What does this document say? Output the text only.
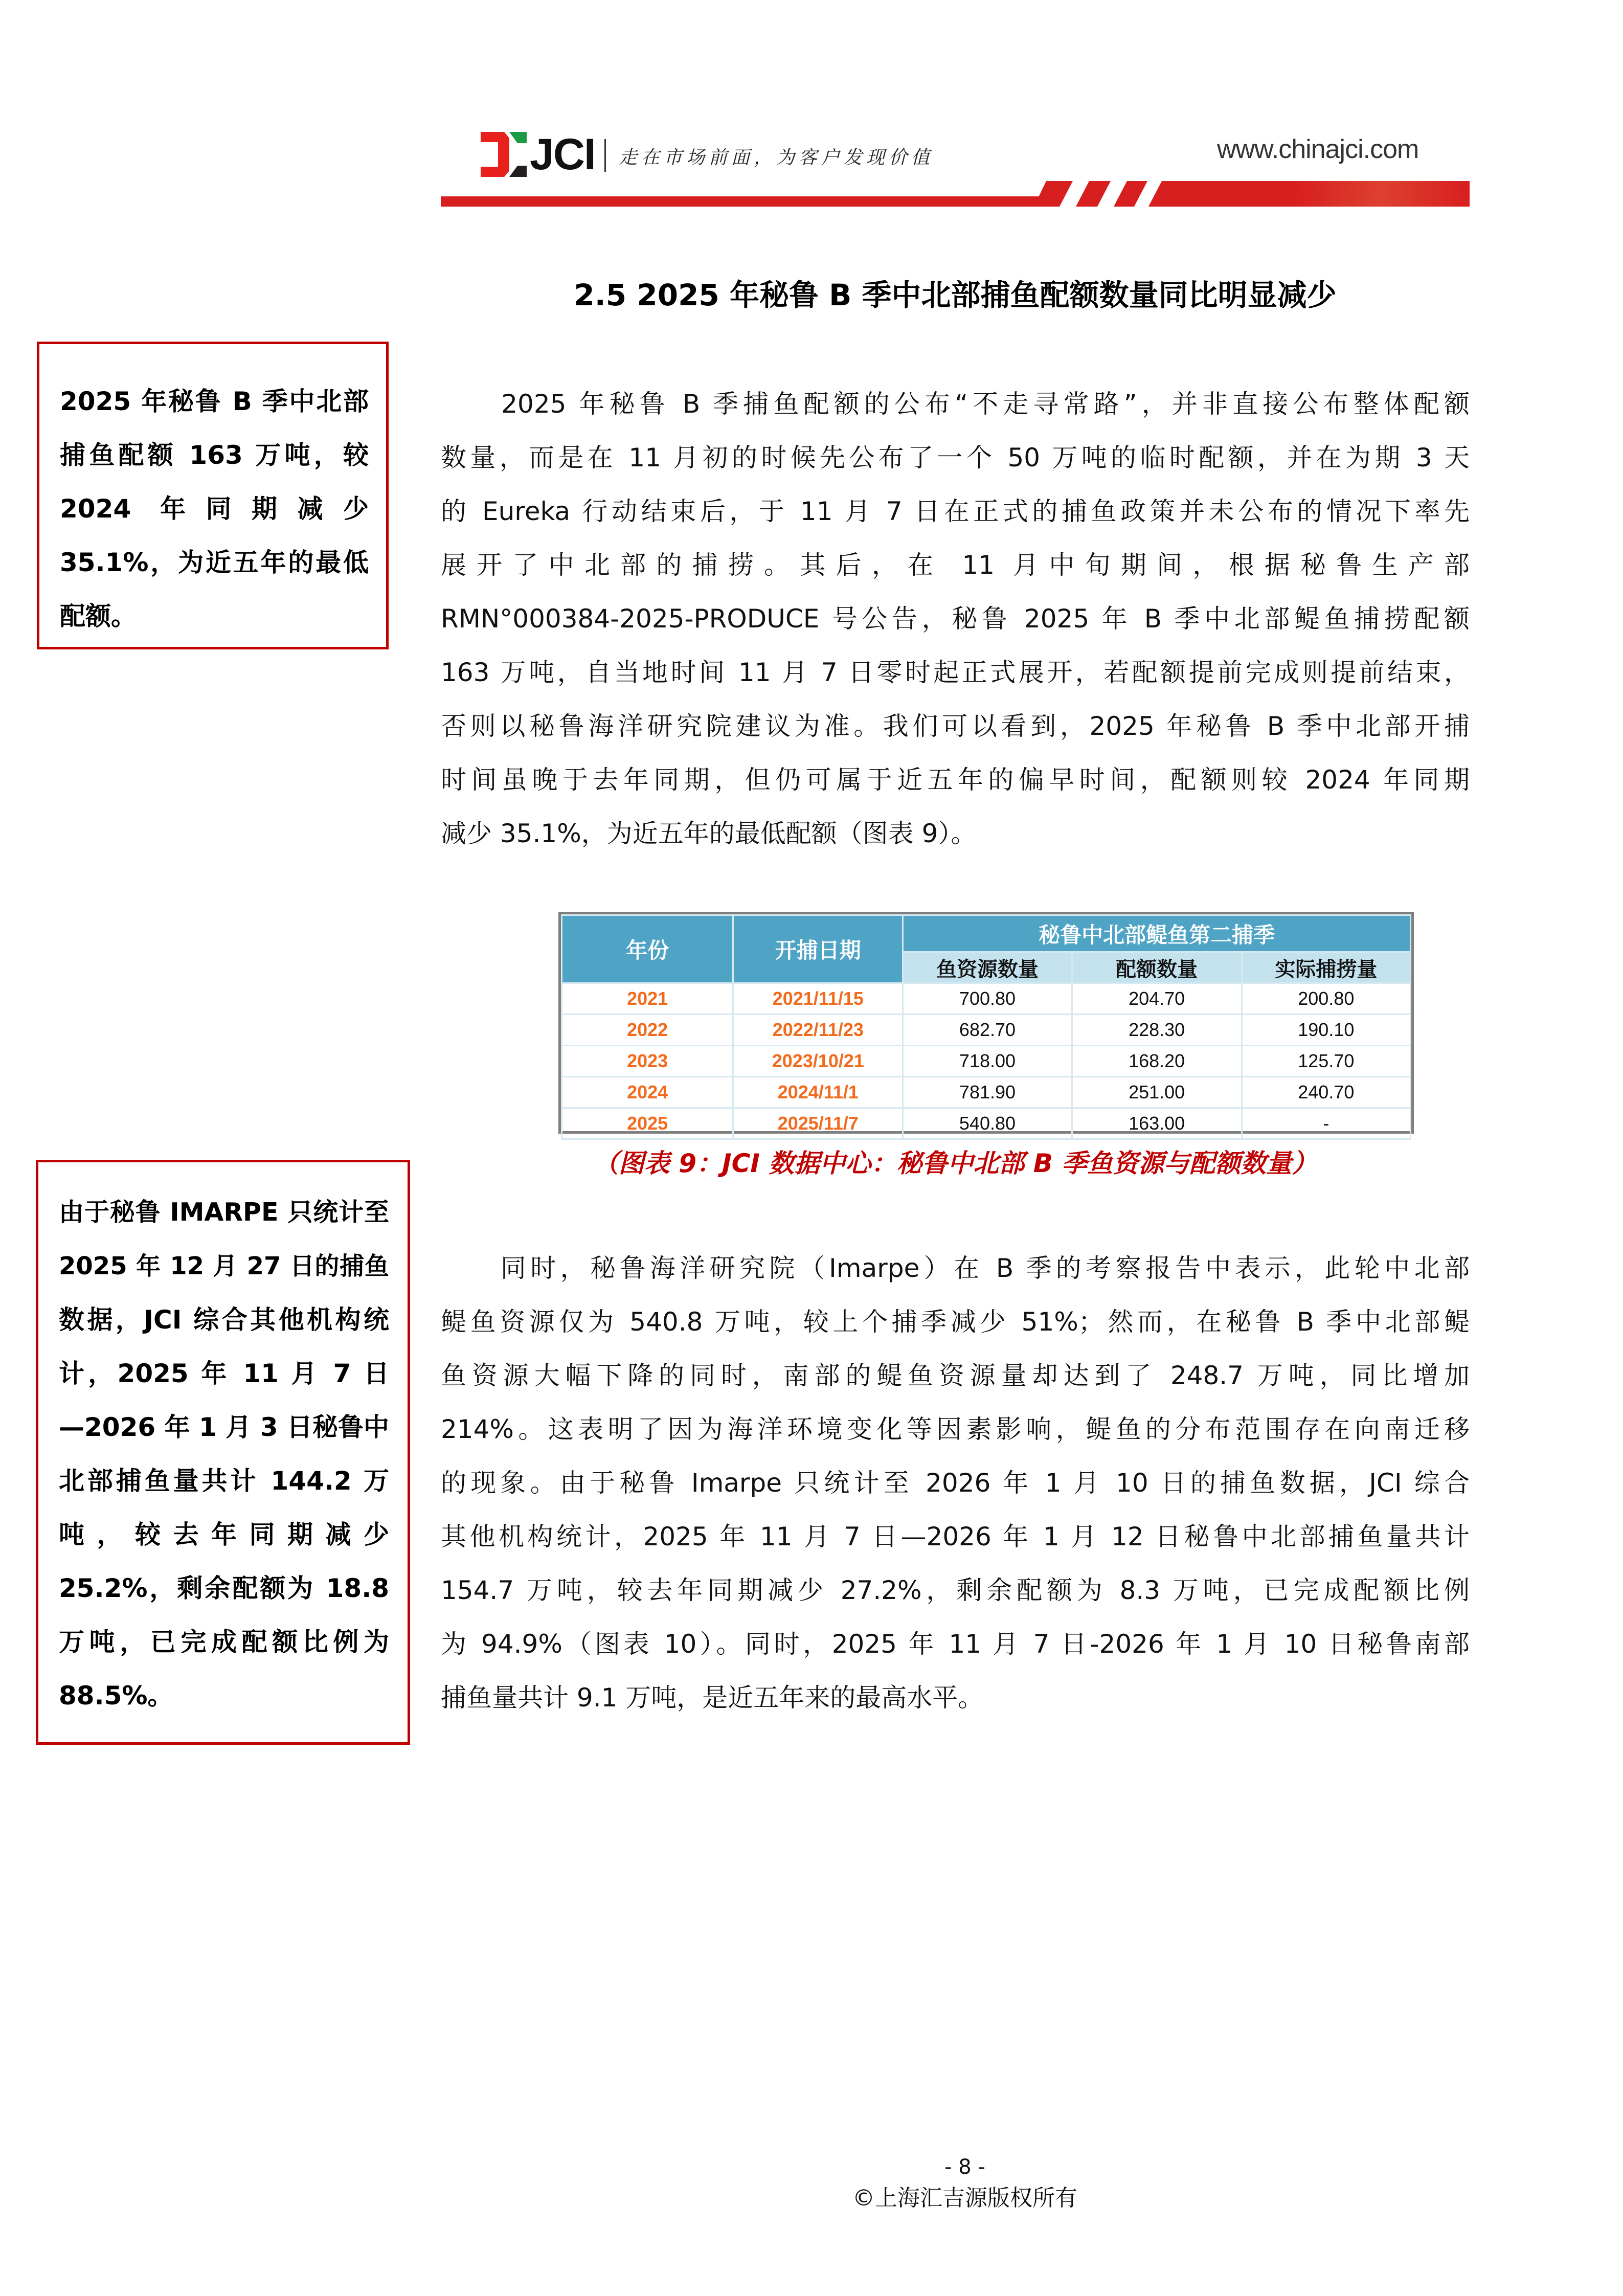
JCI 走在市场前面，为客户发现价值	www.chinajci.com
2.5 2025 年秘鲁 B 季中北部捕鱼配额数量同比明显减少
2025 年秘鲁 B 季中北部
捕鱼配额 163 万吨，较
2024 年同期减少
35.1%，为近五年的最低
配额。
　　2025 年秘鲁 B 季捕鱼配额的公布“不走寻常路”，并非直接公布整体配额
数量，而是在 11 月初的时候先公布了一个 50 万吨的临时配额，并在为期 3 天
的 Eureka 行动结束后，于 11 月 7 日在正式的捕鱼政策并未公布的情况下率先
展开了中北部的捕捞。其后，在 11 月中旬期间，根据秘鲁生产部
RMN°000384-2025-PRODUCE 号公告，秘鲁 2025 年 B 季中北部鳀鱼捕捞配额
163 万吨，自当地时间 11 月 7 日零时起正式展开，若配额提前完成则提前结束，
否则以秘鲁海洋研究院建议为准。我们可以看到，2025 年秘鲁 B 季中北部开捕
时间虽晚于去年同期，但仍可属于近五年的偏早时间，配额则较 2024 年同期
减少 35.1%，为近五年的最低配额（图表 9）。
年份	开捕日期	秘鲁中北部鳀鱼第二捕季		
		鱼资源数量	配额数量	实际捕捞量
2021	2021/11/15	700.80	204.70	200.80
2022	2022/11/23	682.70	228.30	190.10
2023	2023/10/21	718.00	168.20	125.70
2024	2024/11/1	781.90	251.00	240.70
2025	2025/11/7	540.80	163.00	-
（图表 9：JCI 数据中心：秘鲁中北部 B 季鱼资源与配额数量）
由于秘鲁 IMARPE 只统计至
2025 年 12 月 27 日的捕鱼
数据，JCI 综合其他机构统
计，2025 年 11 月 7 日
—2026 年 1 月 3 日秘鲁中
北部捕鱼量共计 144.2 万
吨，较去年同期减少
25.2%，剩余配额为 18.8
万吨，已完成配额比例为
88.5%。
　　同时，秘鲁海洋研究院（Imarpe）在 B 季的考察报告中表示，此轮中北部
鳀鱼资源仅为 540.8 万吨，较上个捕季减少 51%；然而，在秘鲁 B 季中北部鳀
鱼资源大幅下降的同时，南部的鳀鱼资源量却达到了 248.7 万吨，同比增加
214%。这表明了因为海洋环境变化等因素影响，鳀鱼的分布范围存在向南迁移
的现象。由于秘鲁 Imarpe 只统计至 2026 年 1 月 10 日的捕鱼数据，JCI 综合
其他机构统计，2025 年 11 月 7 日—2026 年 1 月 12 日秘鲁中北部捕鱼量共计
154.7 万吨，较去年同期减少 27.2%，剩余配额为 8.3 万吨，已完成配额比例
为 94.9%（图表 10）。同时，2025 年 11 月 7 日-2026 年 1 月 10 日秘鲁南部
捕鱼量共计 9.1 万吨，是近五年来的最高水平。
- 8 -
©上海汇吉源版权所有
